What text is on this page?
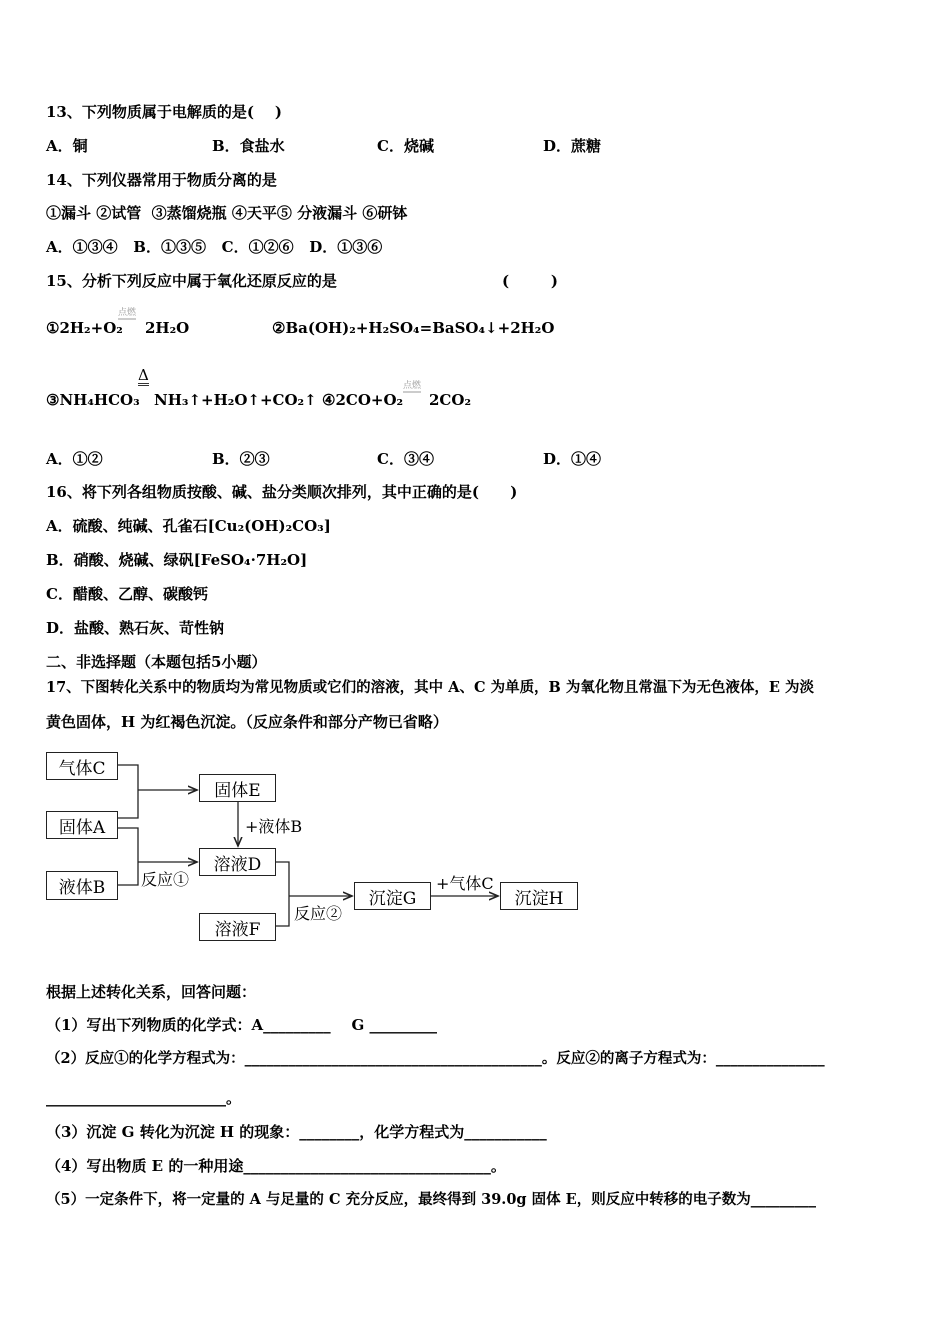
13、下列物质属于电解质的是(    )
A．铜	B．食盐水	C．烧碱	D．蔗糖
14、下列仪器常用于物质分离的是
①漏斗 ②试管  ③蒸馏烧瓶 ④天平⑤ 分液漏斗 ⑥研钵
A．①③④   B．①③⑤   C．①②⑥   D．①③⑥
15、分析下列反应中属于氧化还原反应的是	(        )
①2H₂+O₂
点燃
2H₂O	②Ba(OH)₂+H₂SO₄=BaSO₄↓+2H₂O
③NH₄HCO₃
Δ
NH₃↑+H₂O↑+CO₂↑ ④2CO+O₂
点燃
2CO₂
A．①②	B．②③	C．③④	D．①④
16、将下列各组物质按酸、碱、盐分类顺次排列，其中正确的是(      )
A．硫酸、纯碱、孔雀石[Cu₂(OH)₂CO₃]
B．硝酸、烧碱、绿矾[FeSO₄·7H₂O]
C．醋酸、乙醇、碳酸钙
D．盐酸、熟石灰、苛性钠
二、非选择题（本题包括5小题）
17、下图转化关系中的物质均为常见物质或它们的溶液，其中 A、C 为单质，B 为氧化物且常温下为无色液体，E 为淡
黄色固体，H 为红褐色沉淀。（反应条件和部分产物已省略）
气体C
固体A
液体B
固体E
溶液D
溶液F
沉淀G	沉淀H
+液体B
+气体C
反应①
反应②
根据上述转化关系，回答问题：
（1）写出下列物质的化学式：A_________    G _________
（2）反应①的化学方程式为：_________________________________________。反应②的离子方程式为：_______________
________________________。
（3）沉淀 G 转化为沉淀 H 的现象：________，化学方程式为___________
（4）写出物质 E 的一种用途_________________________________。
（5）一定条件下，将一定量的 A 与足量的 C 充分反应，最终得到 39.0g 固体 E，则反应中转移的电子数为_________
